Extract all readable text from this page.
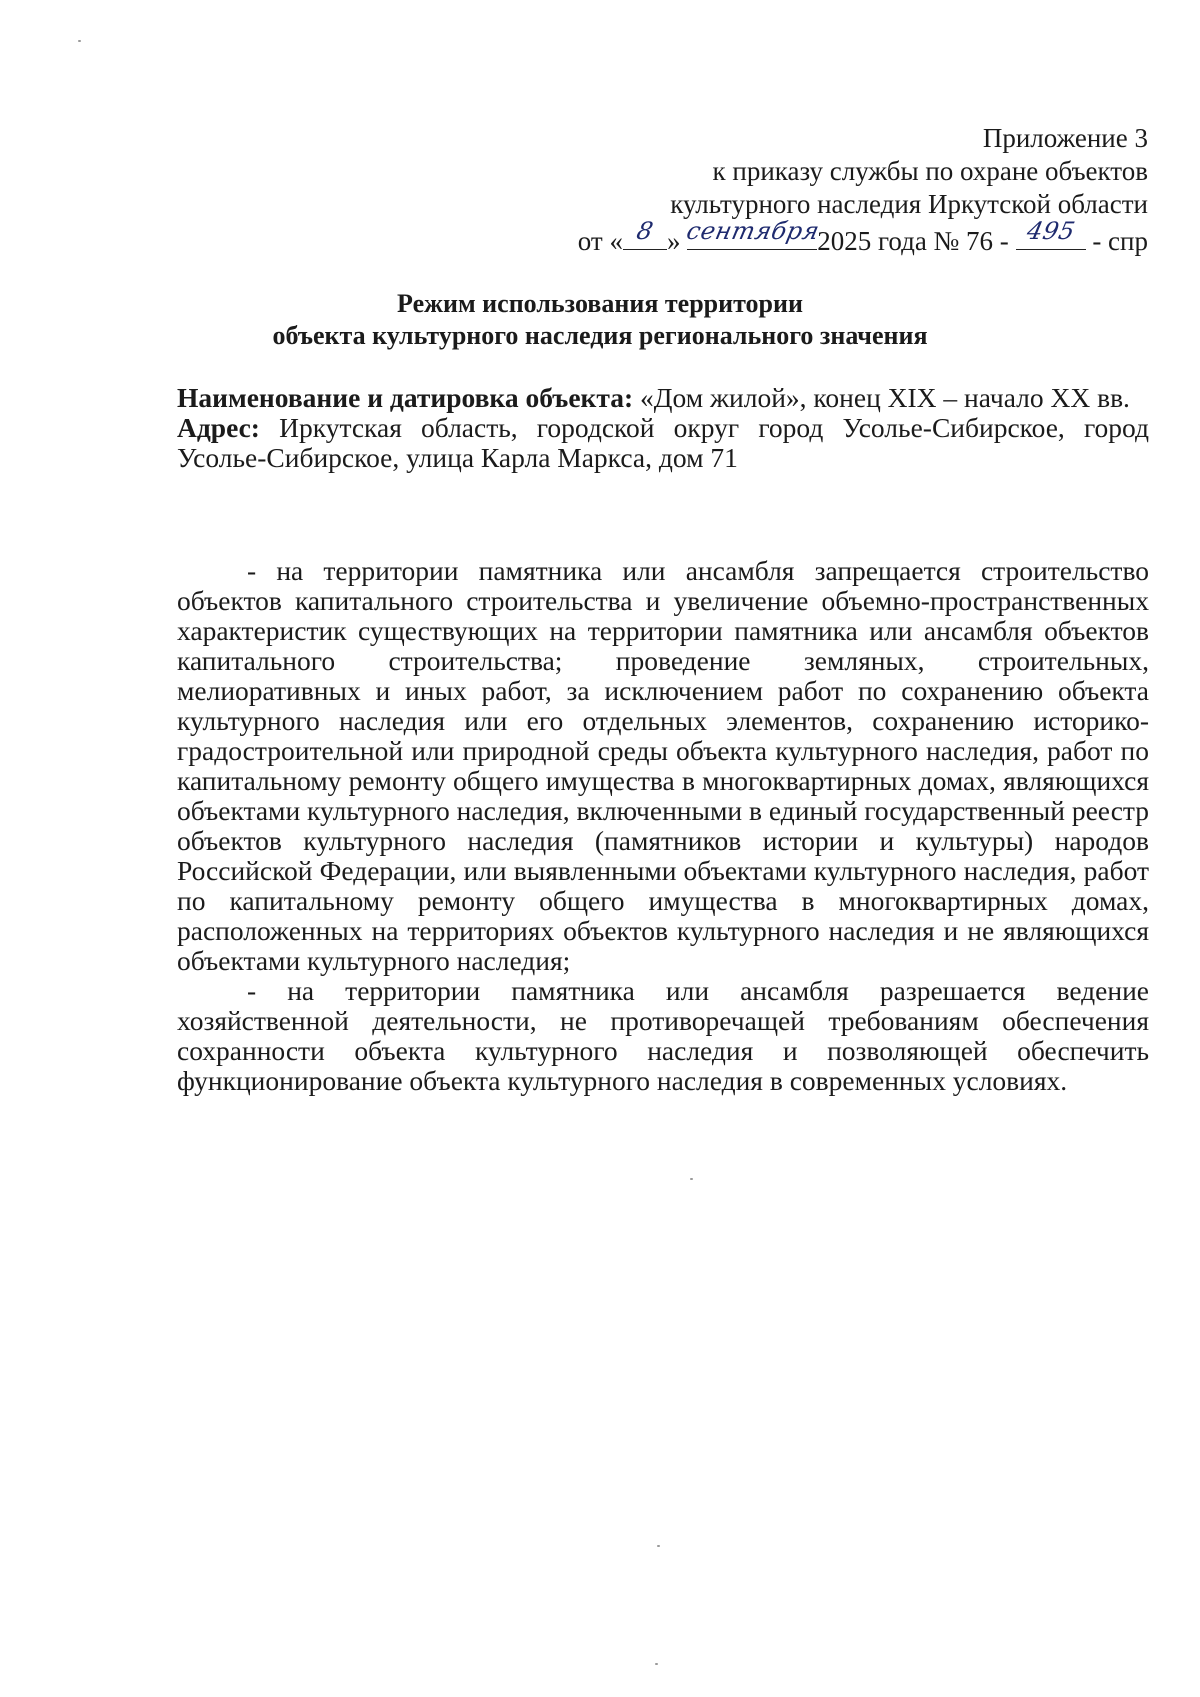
Приложение 3
к приказу службы по охране объектов
культурного наследия Иркутской области
от « 8 » сентября
2025 года № 76 - 495 - спр
Режим использования территории
объекта культурного наследия регионального значения

Наименование и датировка объекта: «Дом жилой», конец XIX – начало XX вв.

Адрес: Иркутская область, городской округ город Усолье-Сибирское, город Усолье-Сибирское, улица Карла Маркса, дом 71

- на территории памятника или ансамбля запрещается строительство объектов капитального строительства и увеличение объемно-пространственных характеристик существующих на территории памятника или ансамбля объектов капитального строительства; проведение земляных, строительных, мелиоративных и иных работ, за исключением работ по сохранению объекта культурного наследия или его отдельных элементов, сохранению историко-градостроительной или природной среды объекта культурного наследия, работ по капитальному ремонту общего имущества в многоквартирных домах, являющихся объектами культурного наследия, включенными в единый государственный реестр объектов культурного наследия (памятников истории и культуры) народов Российской Федерации, или выявленными объектами культурного наследия, работ по капитальному ремонту общего имущества в многоквартирных домах, расположенных на территориях объектов культурного наследия и не являющихся объектами культурного наследия;

- на территории памятника или ансамбля разрешается ведение хозяйственной деятельности, не противоречащей требованиям обеспечения сохранности объекта культурного наследия и позволяющей обеспечить функционирование объекта культурного наследия в современных условиях.
